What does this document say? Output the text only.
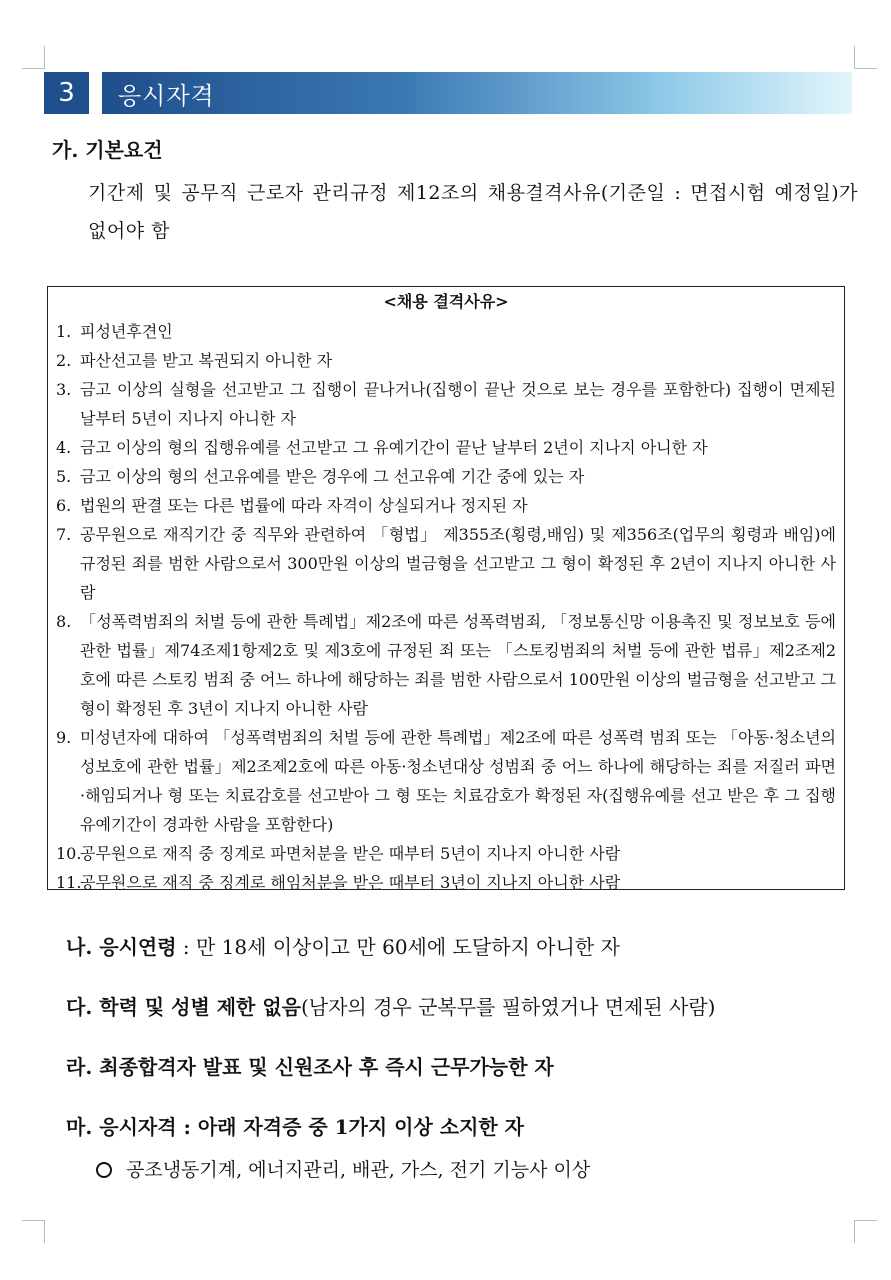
3	응시자격
가. 기본요건
기간제 및 공무직 근로자 관리규정 제12조의 채용결격사유(기준일 : 면접시험 예정일)가 없어야 함
<채용 결격사유>
1. 피성년후견인
2. 파산선고를 받고 복권되지 아니한 자
3. 금고 이상의 실형을 선고받고 그 집행이 끝나거나(집행이 끝난 것으로 보는 경우를 포함한다) 집행이 면제된 날부터 5년이 지나지 아니한 자
4. 금고 이상의 형의 집행유예를 선고받고 그 유예기간이 끝난 날부터 2년이 지나지 아니한 자
5. 금고 이상의 형의 선고유예를 받은 경우에 그 선고유예 기간 중에 있는 자
6. 법원의 판결 또는 다른 법률에 따라 자격이 상실되거나 정지된 자
7. 공무원으로 재직기간 중 직무와 관련하여 「형법」 제355조(횡령,배임) 및 제356조(업무의 횡령과 배임)에 규정된 죄를 범한 사람으로서 300만원 이상의 벌금형을 선고받고 그 형이 확정된 후 2년이 지나지 아니한 사람
8. 「성폭력범죄의 처벌 등에 관한 특례법」제2조에 따른 성폭력범죄, 「정보통신망 이용촉진 및 정보보호 등에 관한 법률」제74조제1항제2호 및 제3호에 규정된 죄 또는 「스토킹범죄의 처벌 등에 관한 법류」제2조제2호에 따른 스토킹 범죄 중 어느 하나에 해당하는 죄를 범한 사람으로서 100만원 이상의 벌금형을 선고받고 그 형이 확정된 후 3년이 지나지 아니한 사람
9. 미성년자에 대하여 「성폭력범죄의 처벌 등에 관한 특례법」제2조에 따른 성폭력 범죄 또는 「아동·청소년의 성보호에 관한 법률」제2조제2호에 따른 아동·청소년대상 성범죄 중 어느 하나에 해당하는 죄를 저질러 파면·해임되거나 형 또는 치료감호를 선고받아 그 형 또는 치료감호가 확정된 자(집행유예를 선고 받은 후 그 집행유예기간이 경과한 사람을 포함한다)
10.
공무원으로 재직 중 징계로 파면처분을 받은 때부터 5년이 지나지 아니한 사람
11.
공무원으로 재직 중 징계로 해임처분을 받은 때부터 3년이 지나지 아니한 사람
나. 응시연령 : 만 18세 이상이고 만 60세에 도달하지 아니한 자
다. 학력 및 성별 제한 없음(남자의 경우 군복무를 필하였거나 면제된 사람)
라. 최종합격자 발표 및 신원조사 후 즉시 근무가능한 자
마. 응시자격 : 아래 자격증 중 1가지 이상 소지한 자
공조냉동기계, 에너지관리, 배관, 가스, 전기 기능사 이상
